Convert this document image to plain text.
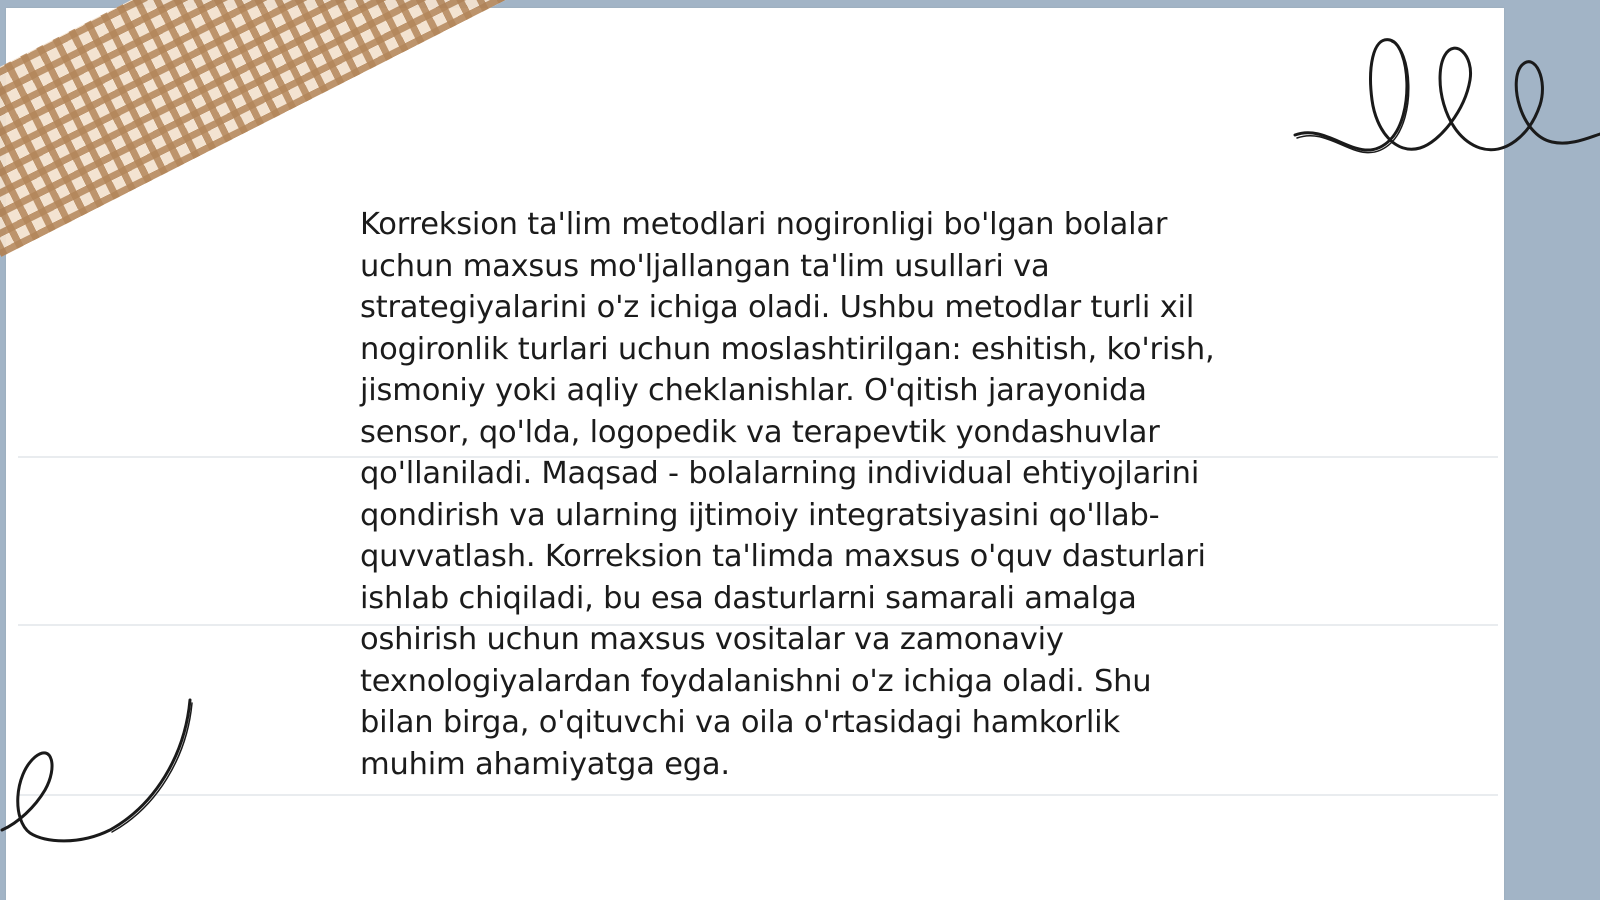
Korreksion ta'lim metodlari nogironligi bo'lgan bolalar uchun maxsus mo'ljallangan ta'lim usullari va strategiyalarini o'z ichiga oladi. Ushbu metodlar turli xil nogironlik turlari uchun moslashtirilgan: eshitish, ko'rish, jismoniy yoki aqliy cheklanishlar. O'qitish jarayonida sensor, qo'lda, logopedik va terapevtik yondashuvlar qo'llaniladi. Maqsad - bolalarning individual ehtiyojlarini qondirish va ularning ijtimoiy integratsiyasini qo'llab-quvvatlash. Korreksion ta'limda maxsus o'quv dasturlari ishlab chiqiladi, bu esa dasturlarni samarali amalga oshirish uchun maxsus vositalar va zamonaviy texnologiyalardan foydalanishni o'z ichiga oladi. Shu bilan birga, o'qituvchi va oila o'rtasidagi hamkorlik muhim ahamiyatga ega.
